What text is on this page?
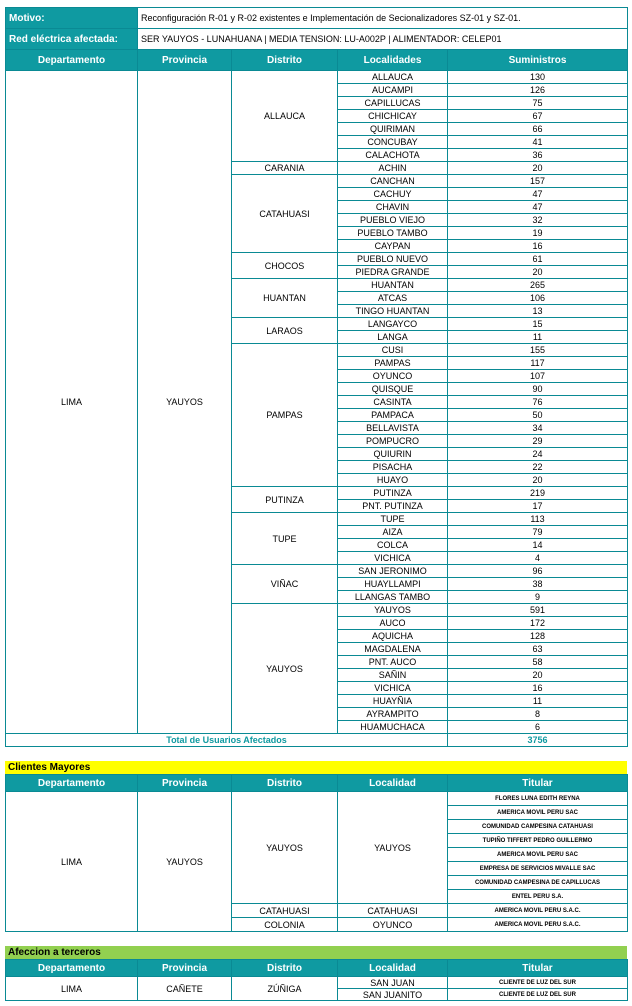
Motivo:	Reconfiguración R-01 y R-02 existentes e Implementación de Secionalizadores SZ-01 y SZ-01.
Red eléctrica afectada:	SER YAUYOS - LUNAHUANA | MEDIA TENSION: LU-A002P | ALIMENTADOR: CELEP01
Departamento	Provincia	Distrito	Localidades	Suministros
LIMA	YAUYOS	ALLAUCA	ALLAUCA	130
			AUCAMPI	126
			CAPILLUCAS	75
			CHICHICAY	67
			QUIRIMAN	66
			CONCUBAY	41
			CALACHOTA	36
		CARANIA	ACHIN	20
		CATAHUASI	CANCHAN	157
			CACHUY	47
			CHAVIN	47
			PUEBLO VIEJO	32
			PUEBLO TAMBO	19
			CAYPAN	16
		CHOCOS	PUEBLO NUEVO	61
			PIEDRA GRANDE	20
		HUANTAN	HUANTAN	265
			ATCAS	106
			TINGO HUANTAN	13
		LARAOS	LANGAYCO	15
			LANGA	11
		PAMPAS	CUSI	155
			PAMPAS	117
			OYUNCO	107
			QUISQUE	90
			CASINTA	76
			PAMPACA	50
			BELLAVISTA	34
			POMPUCRO	29
			QUIURIN	24
			PISACHA	22
			HUAYO	20
		PUTINZA	PUTINZA	219
			PNT. PUTINZA	17
		TUPE	TUPE	113
			AIZA	79
			COLCA	14
			VICHICA	4
		VIÑAC	SAN JERONIMO	96
			HUAYLLAMPI	38
			LLANGAS TAMBO	9
		YAUYOS	YAUYOS	591
			AUCO	172
			AQUICHA	128
			MAGDALENA	63
			PNT. AUCO	58
			SAÑIN	20
			VICHICA	16
			HUAYÑIA	11
			AYRAMPITO	8
			HUAMUCHACA	6
Total de Usuarios Afectados				3756
Clientes Mayores
Departamento	Provincia	Distrito	Localidad	Titular
LIMA	YAUYOS	YAUYOS	YAUYOS	FLORES LUNA EDITH REYNA
				AMERICA MOVIL PERU SAC
				COMUNIDAD CAMPESINA CATAHUASI
				TUPIÑO TIFFERT PEDRO GUILLERMO
				AMERICA MOVIL PERU SAC
				EMPRESA DE SERVICIOS MIVALLE SAC
				COMUNIDAD CAMPESINA DE CAPILLUCAS
				ENTEL PERU S.A.
		CATAHUASI	CATAHUASI	AMERICA MOVIL PERU S.A.C.
		COLONIA	OYUNCO	AMERICA MOVIL PERU S.A.C.
Afeccion a terceros
Departamento	Provincia	Distrito	Localidad	Titular
LIMA	CAÑETE	ZÚÑIGA	SAN JUAN	CLIENTE DE LUZ DEL SUR
			SAN JUANITO	CLIENTE DE LUZ DEL SUR
